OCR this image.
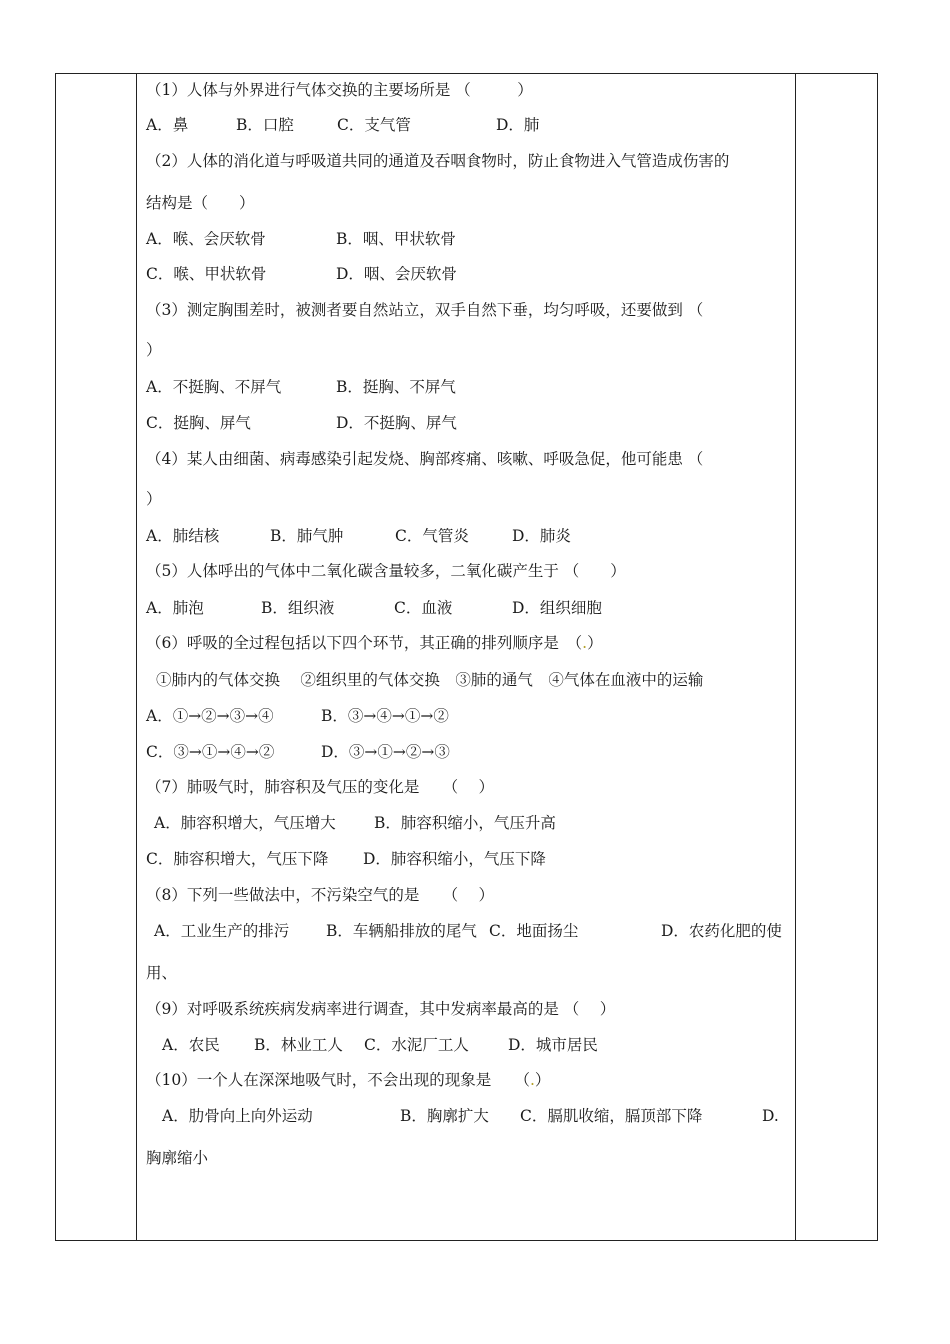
（1）人体与外界进行气体交换的主要场所是 （　　　）
A．鼻	B．口腔	C．支气管	D．肺
（2）人体的消化道与呼吸道共同的通道及吞咽食物时，防止食物进入气管造成伤害的
结构是（　　）
A．喉、会厌软骨	B．咽、甲状软骨
C．喉、甲状软骨	D．咽、会厌软骨
（3）测定胸围差时，被测者要自然站立，双手自然下垂，均匀呼吸，还要做到 （
）
A．不挺胸、不屏气	B．挺胸、不屏气
C．挺胸、屏气	D．不挺胸、屏气
（4）某人由细菌、病毒感染引起发烧、胸部疼痛、咳嗽、呼吸急促，他可能患 （
）
A．肺结核	B．肺气肿	C．气管炎	D．肺炎
（5）人体呼出的气体中二氧化碳含量较多，二氧化碳产生于 （　　）
A．肺泡	B．组织液	C．血液	D．组织细胞
（6）呼吸的全过程包括以下四个环节，其正确的排列顺序是　（.）
①肺内的气体交换　 ②组织里的气体交换　③肺的通气　④气体在血液中的运输
A．①→②→③→④	B．③→④→①→②
C．③→①→④→②	D．③→①→②→③
（7）肺吸气时，肺容积及气压的变化是　　（　 ）
A．肺容积增大，气压增大 B．肺容积缩小，气压升高
C．肺容积增大，气压下降 D．肺容积缩小，气压下降
（8）下列一些做法中，不污染空气的是　　（　 ）
A．工业生产的排污 B．车辆船排放的尾气 C．地面扬尘	D．农药化肥的使
用、
（9）对呼吸系统疾病发病率进行调查，其中发病率最高的是 （　 ）
A．农民 B．林业工人 C．水泥厂工人	D．城市居民
（10）一个人在深深地吸气时，不会出现的现象是　　（.）
A．肋骨向上向外运动	B．胸廓扩大 C．膈肌收缩，膈顶部下降	D.
胸廓缩小
